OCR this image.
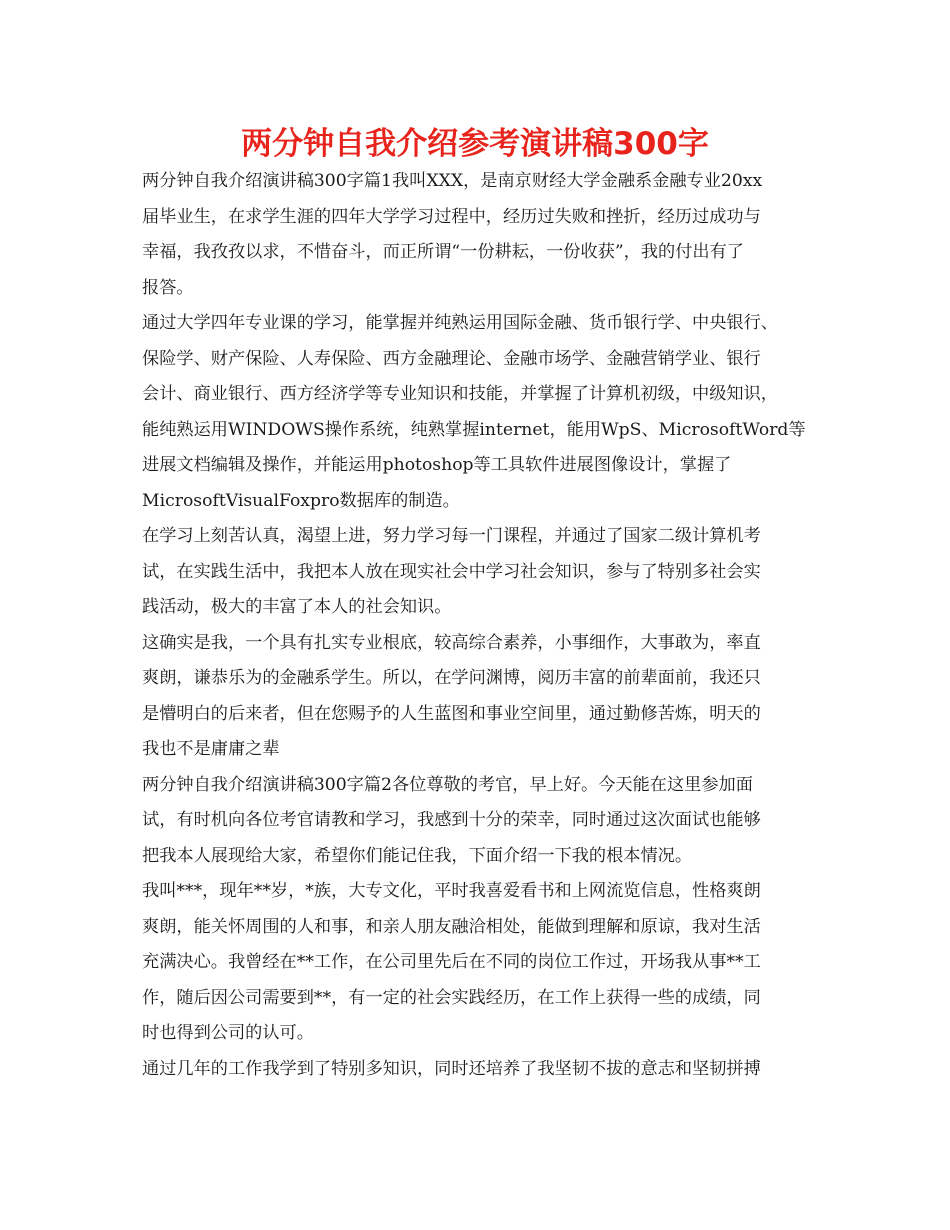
两分钟自我介绍参考演讲稿300字
两分钟自我介绍演讲稿300字篇1我叫XXX，是南京财经大学金融系金融专业20xx
届毕业生，在求学生涯的四年大学学习过程中，经历过失败和挫折，经历过成功与
幸福，我孜孜以求，不惜奋斗，而正所谓“一份耕耘，一份收获”，我的付出有了
报答。
通过大学四年专业课的学习，能掌握并纯熟运用国际金融、货币银行学、中央银行、
保险学、财产保险、人寿保险、西方金融理论、金融市场学、金融营销学业、银行
会计、商业银行、西方经济学等专业知识和技能，并掌握了计算机初级，中级知识，
能纯熟运用WINDOWS操作系统，纯熟掌握internet，能用WpS、MicrosoftWord等
进展文档编辑及操作，并能运用photoshop等工具软件进展图像设计，掌握了
MicrosoftVisualFoxpro数据库的制造。
在学习上刻苦认真，渴望上进，努力学习每一门课程，并通过了国家二级计算机考
试，在实践生活中，我把本人放在现实社会中学习社会知识，参与了特别多社会实
践活动，极大的丰富了本人的社会知识。
这确实是我，一个具有扎实专业根底，较高综合素养，小事细作，大事敢为，率直
爽朗，谦恭乐为的金融系学生。所以，在学问渊博，阅历丰富的前辈面前，我还只
是懵明白的后来者，但在您赐予的人生蓝图和事业空间里，通过勤修苦炼，明天的
我也不是庸庸之辈
两分钟自我介绍演讲稿300字篇2各位尊敬的考官，早上好。今天能在这里参加面
试，有时机向各位考官请教和学习，我感到十分的荣幸，同时通过这次面试也能够
把我本人展现给大家，希望你们能记住我，下面介绍一下我的根本情况。
我叫***，现年**岁，*族，大专文化，平时我喜爱看书和上网流览信息，性格爽朗
爽朗，能关怀周围的人和事，和亲人朋友融洽相处，能做到理解和原谅，我对生活
充满决心。我曾经在**工作，在公司里先后在不同的岗位工作过，开场我从事**工
作，随后因公司需要到**，有一定的社会实践经历，在工作上获得一些的成绩，同
时也得到公司的认可。
通过几年的工作我学到了特别多知识，同时还培养了我坚韧不拔的意志和坚韧拼搏
